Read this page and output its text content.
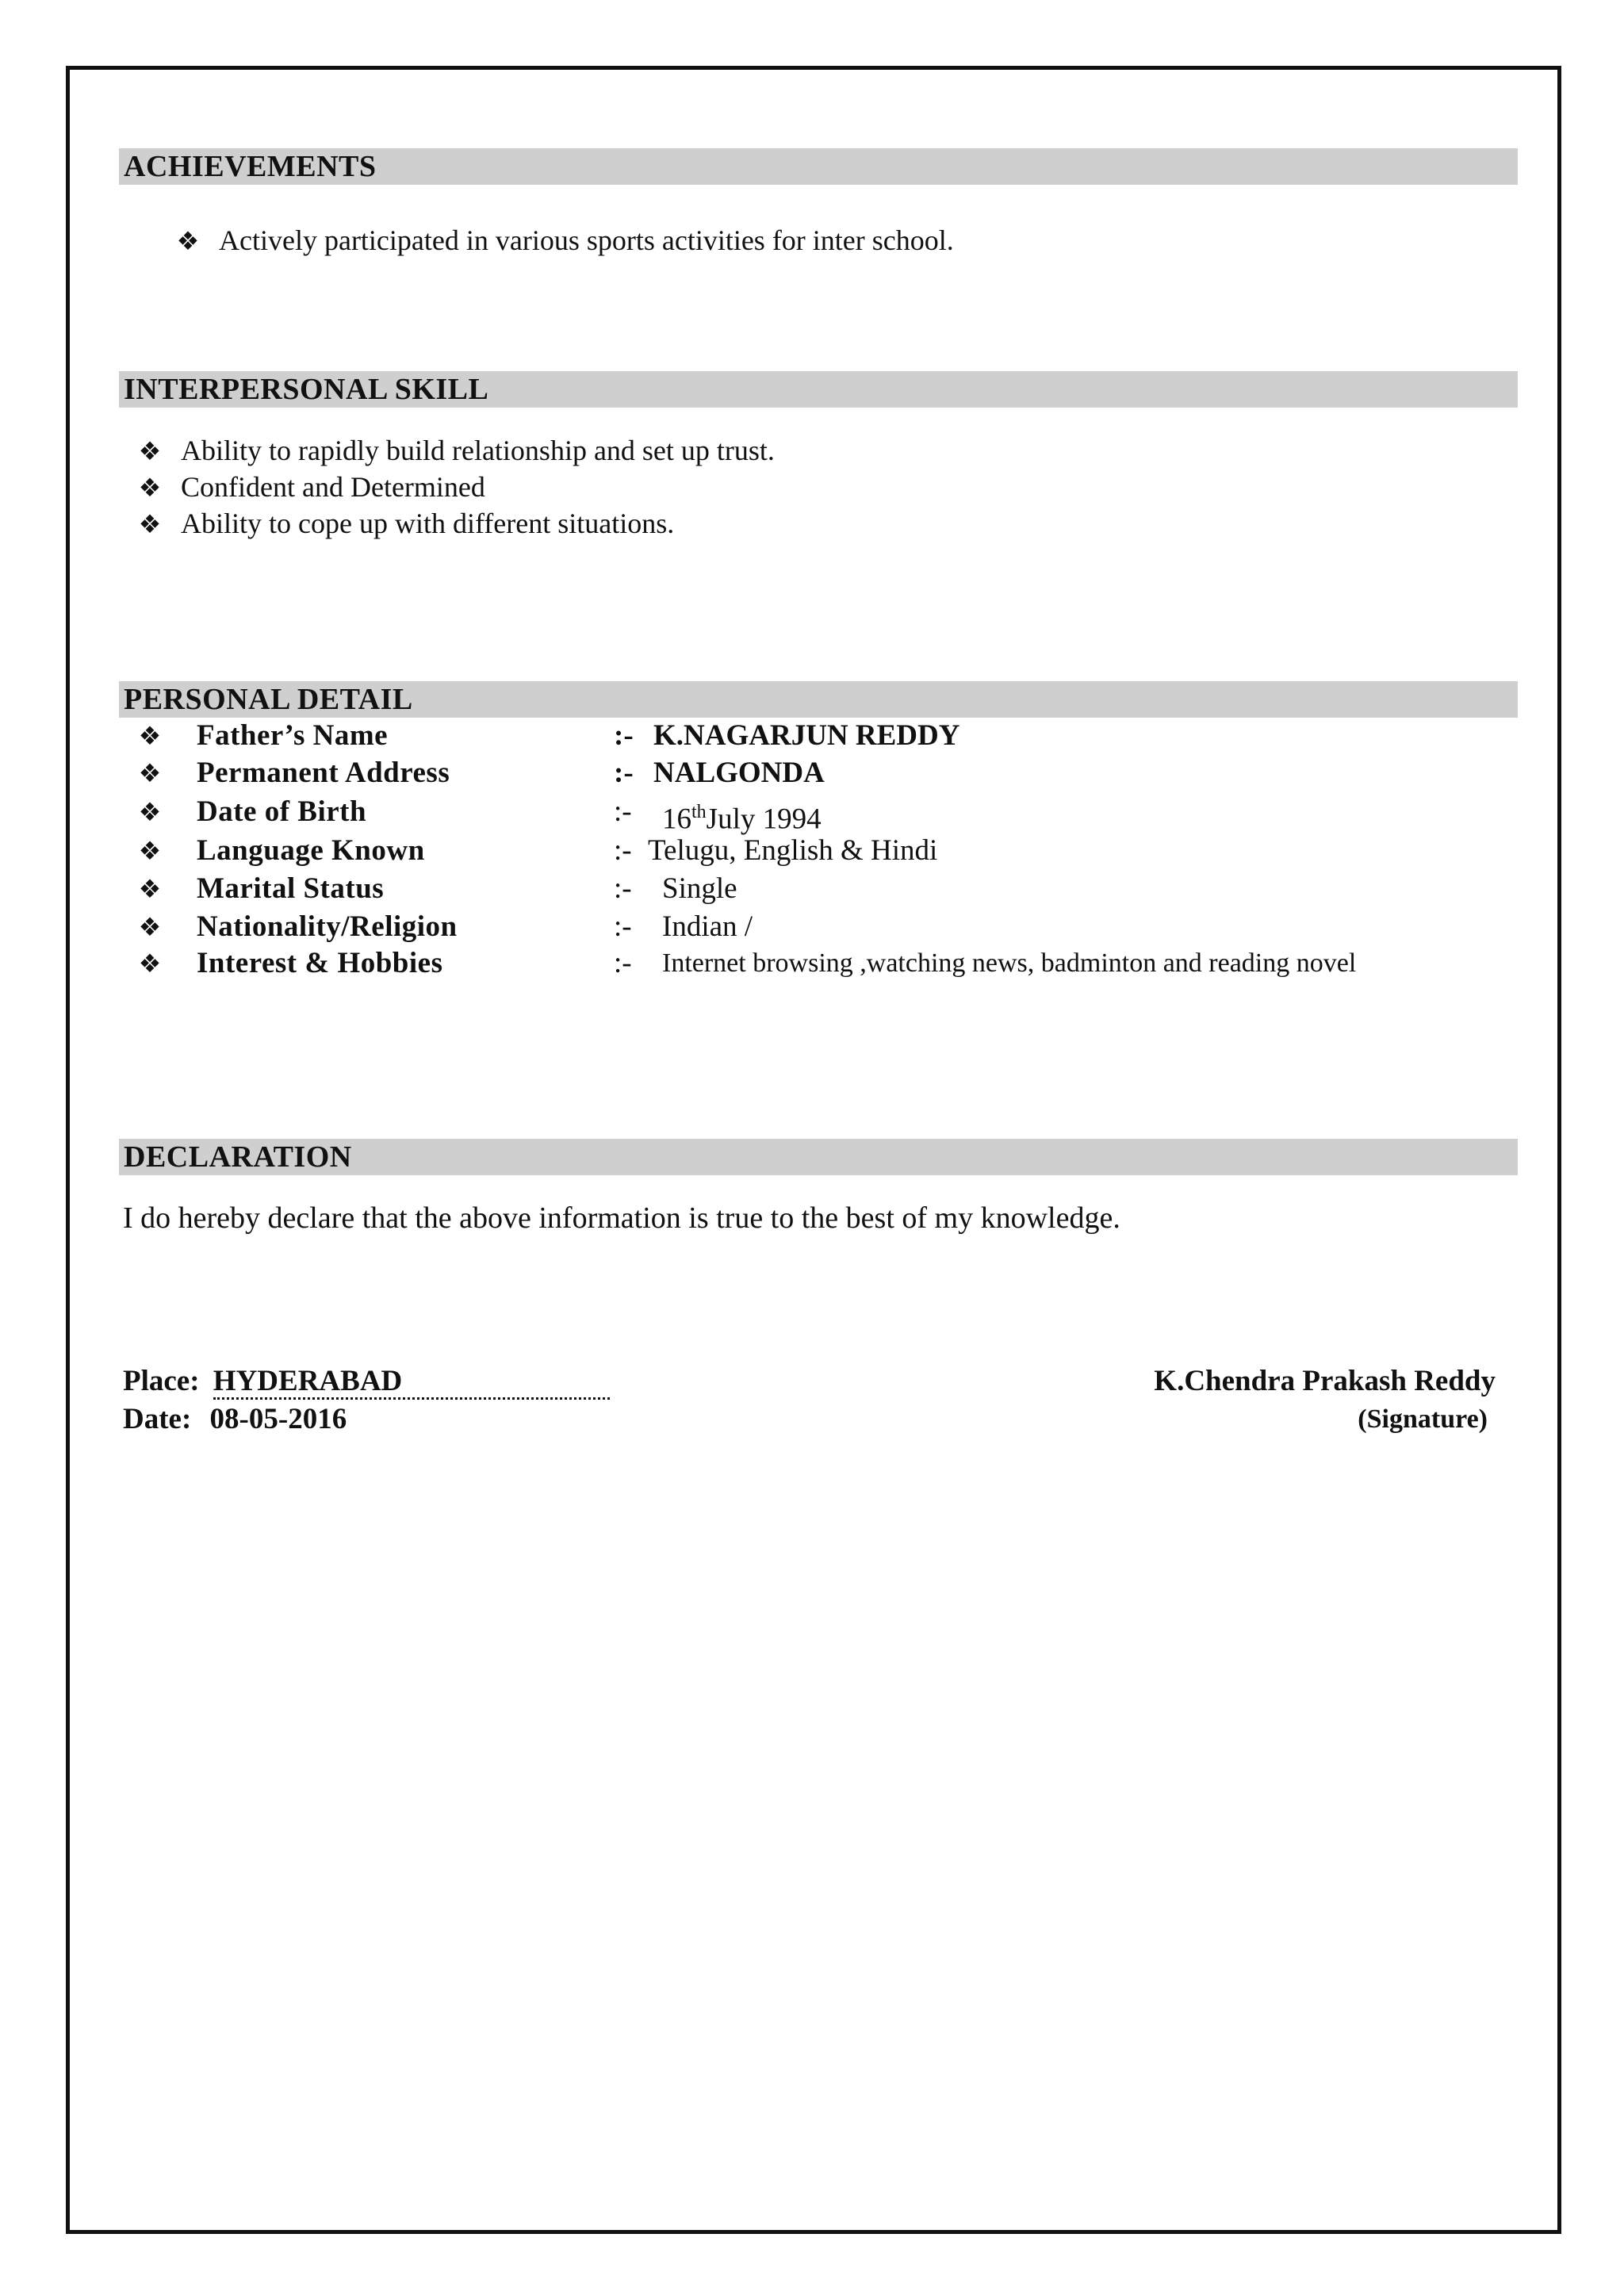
ACHIEVEMENTS
❖ Actively participated in various sports activities for inter school.
INTERPERSONAL SKILL
❖ Ability to rapidly build relationship and set up trust.
❖ Confident and Determined
❖ Ability to cope up with different situations.
PERSONAL DETAIL
❖ Father’s Name	:- K.NAGARJUN REDDY
❖ Permanent Address	:- NALGONDA
❖ Date of Birth	:- 16thJuly 1994
❖ Language Known	:- Telugu, English & Hindi
❖ Marital Status	:- Single
❖ Nationality/Religion	:- Indian /
❖ Interest & Hobbies	:- Internet browsing ,watching news, badminton and reading novel
DECLARATION
I do hereby declare that the above information is true to the best of my knowledge.
Place: HYDERABAD
Date: 08-05-2016
K.Chendra Prakash Reddy
(Signature)
